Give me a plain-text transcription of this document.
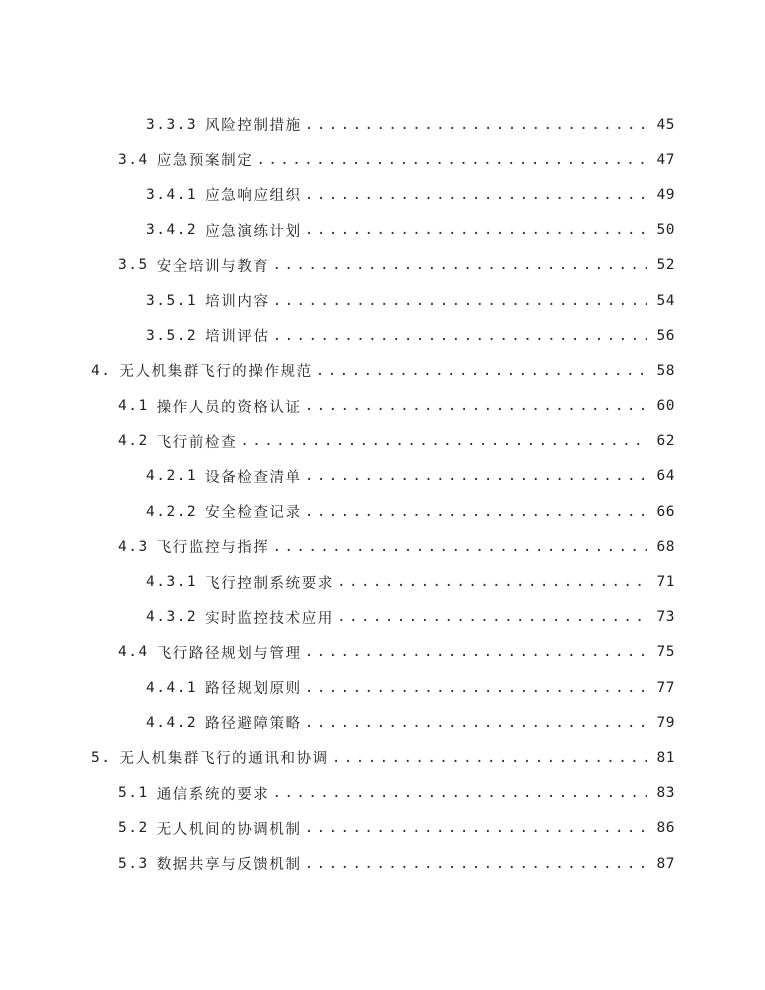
3.3.3 风险控制措施 .....	45
3.4 应急预案制定 .....	47
3.4.1 应急响应组织 .....	49
3.4.2 应急演练计划 .....	50
3.5 安全培训与教育 .....	52
3.5.1 培训内容 .....	54
3.5.2 培训评估 .....	56
4. 无人机集群飞行的操作规范 .....	58
4.1 操作人员的资格认证 .....	60
4.2 飞行前检查 .....	62
4.2.1 设备检查清单 .....	64
4.2.2 安全检查记录 .....	66
4.3 飞行监控与指挥 .....	68
4.3.1 飞行控制系统要求 .....	71
4.3.2 实时监控技术应用 .....	73
4.4 飞行路径规划与管理 .....	75
4.4.1 路径规划原则 .....	77
4.4.2 路径避障策略 .....	79
5. 无人机集群飞行的通讯和协调 .....	81
5.1 通信系统的要求 .....	83
5.2 无人机间的协调机制 .....	86
5.3 数据共享与反馈机制 .....	87
